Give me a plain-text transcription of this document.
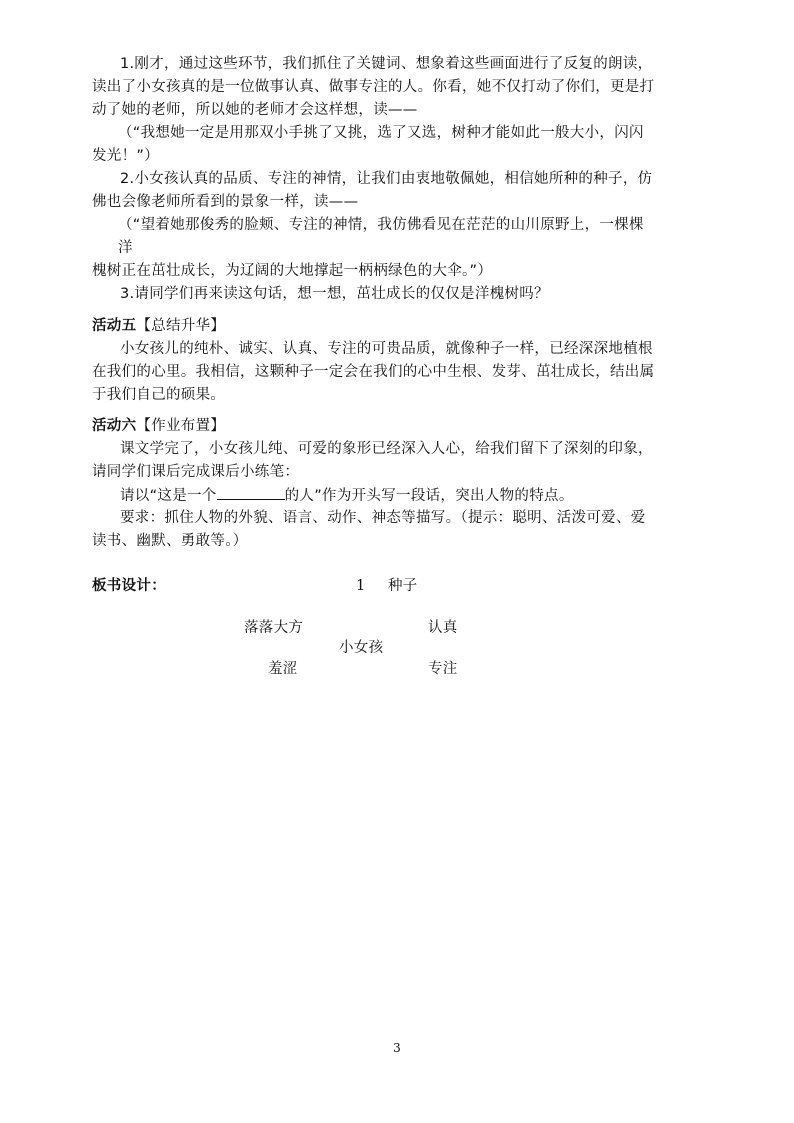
1.刚才，通过这些环节，我们抓住了关键词、想象着这些画面进行了反复的朗读，
读出了小女孩真的是一位做事认真、做事专注的人。你看，她不仅打动了你们，更是打
动了她的老师，所以她的老师才会这样想，读——
（“我想她一定是用那双小手挑了又挑，选了又选，树种才能如此一般大小，闪闪
发光！”）
2.小女孩认真的品质、专注的神情，让我们由衷地敬佩她，相信她所种的种子，仿
佛也会像老师所看到的景象一样，读——
（“望着她那俊秀的脸颊、专注的神情，我仿佛看见在茫茫的山川原野上，一棵棵
洋
槐树正在茁壮成长，为辽阔的大地撑起一柄柄绿色的大伞。”）
3.请同学们再来读这句话，想一想，茁壮成长的仅仅是洋槐树吗？
活动五【总结升华】
小女孩儿的纯朴、诚实、认真、专注的可贵品质，就像种子一样，已经深深地植根
在我们的心里。我相信，这颗种子一定会在我们的心中生根、发芽、茁壮成长，结出属
于我们自己的硕果。
活动六【作业布置】
课文学完了，小女孩儿纯、可爱的象形已经深入人心，给我们留下了深刻的印象，
请同学们课后完成课后小练笔：
请以“这是一个	的人”作为开头写一段话，突出人物的特点。
要求：抓住人物的外貌、语言、动作、神态等描写。（提示：聪明、活泼可爱、爱
读书、幽默、勇敢等。）
板书设计：	1 种子
落落大方	认真
小女孩
羞涩	专注
3
